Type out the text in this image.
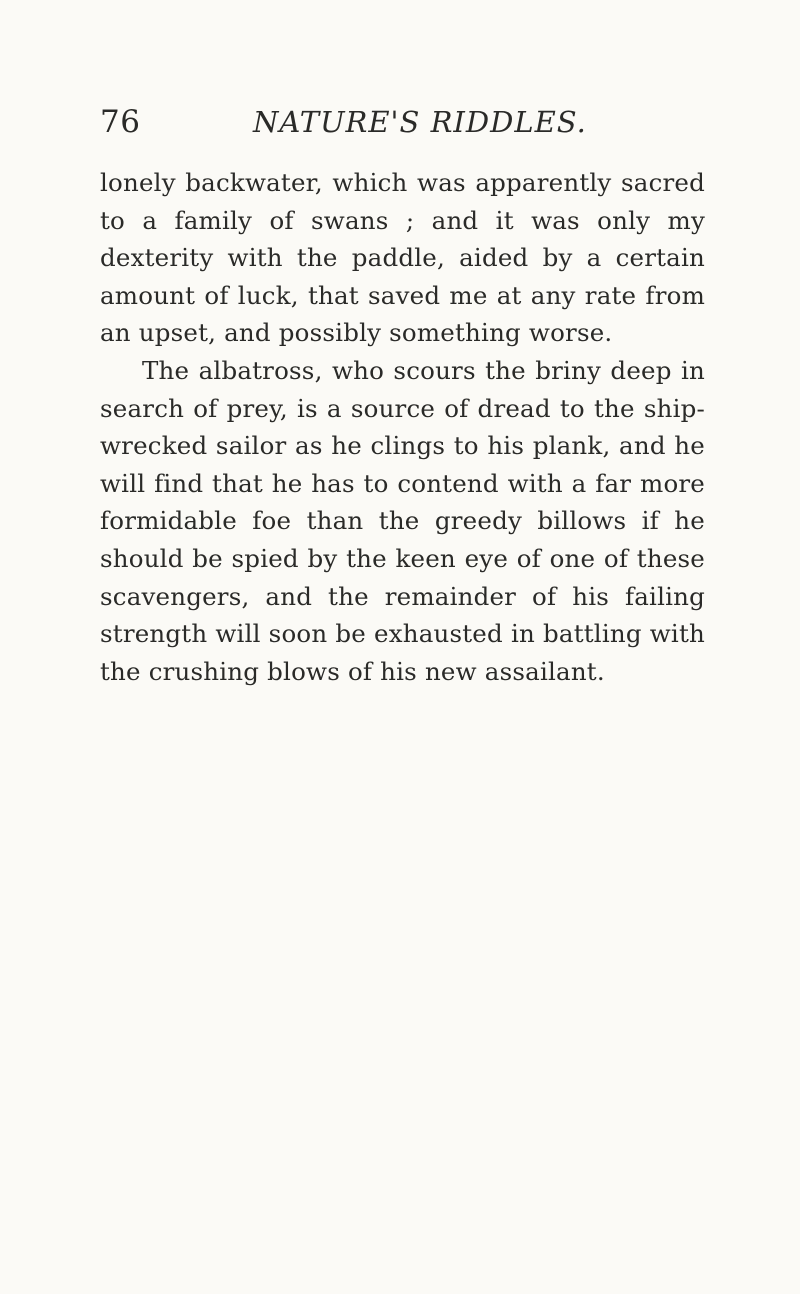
76	NATURE'S RIDDLES.

lonely backwater, which was apparently sacred to a family of swans ; and it was only my dexterity with the paddle, aided by a certain amount of luck, that saved me at any rate from an upset, and possibly something worse.

The albatross, who scours the briny deep in search of prey, is a source of dread to the ship-wrecked sailor as he clings to his plank, and he will find that he has to contend with a far more formidable foe than the greedy billows if he should be spied by the keen eye of one of these scavengers, and the remainder of his failing strength will soon be exhausted in battling with the crushing blows of his new assailant.
